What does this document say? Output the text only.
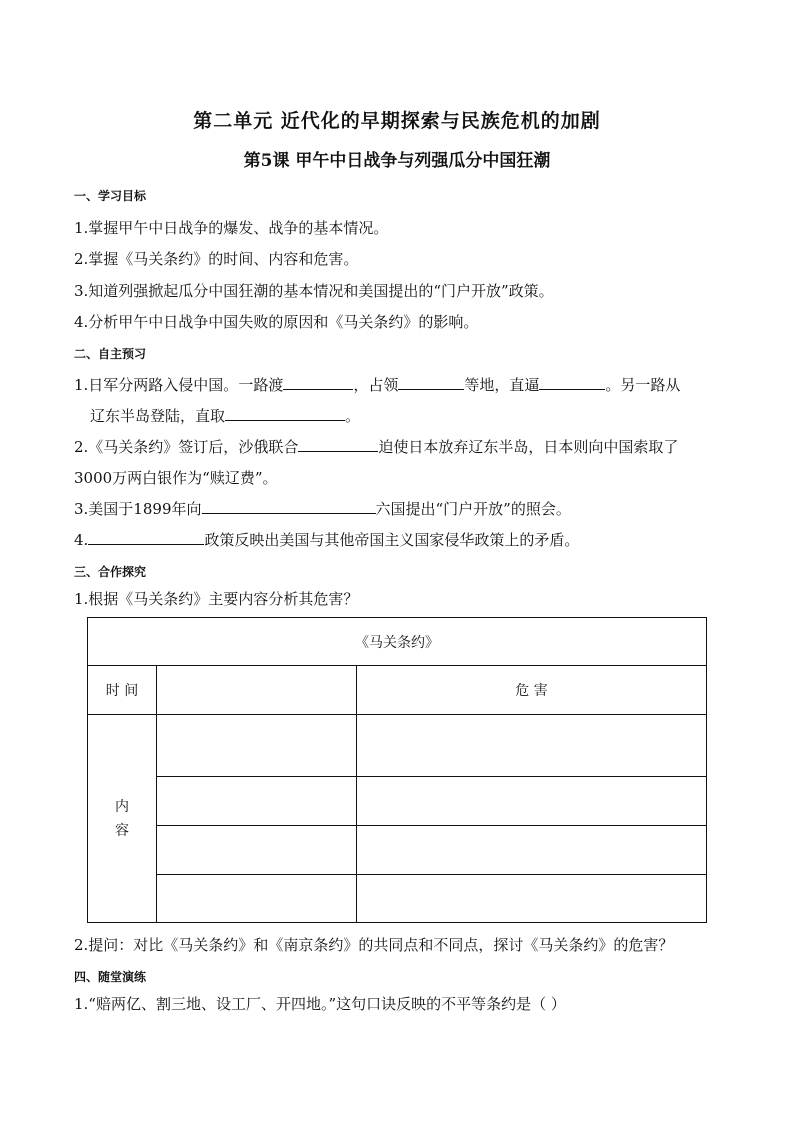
第二单元 近代化的早期探索与民族危机的加剧
第5课 甲午中日战争与列强瓜分中国狂潮
一、学习目标
1.掌握甲午中日战争的爆发、战争的基本情况。
2.掌握《马关条约》的时间、内容和危害。
3.知道列强掀起瓜分中国狂潮的基本情况和美国提出的“门户开放”政策。
4.分析甲午中日战争中国失败的原因和《马关条约》的影响。
二、自主预习
1.日军分两路入侵中国。一路渡	，占领	等地，直逼	。另一路从
辽东半岛登陆，直取	。
2.《马关条约》签订后，沙俄联合	迫使日本放弃辽东半岛，日本则向中国索取了
3000万两白银作为“赎辽费”。
3.美国于1899年向	六国提出“门户开放”的照会。
4.	政策反映出美国与其他帝国主义国家侵华政策上的矛盾。
三、合作探究
1.根据《马关条约》主要内容分析其危害？
《马关条约》		
时 间		危 害

内
容		

2.提问：对比《马关条约》和《南京条约》的共同点和不同点，探讨《马关条约》的危害？
四、随堂演练
1.“赔两亿、割三地、设工厂、开四地。”这句口诀反映的不平等条约是（ ）
